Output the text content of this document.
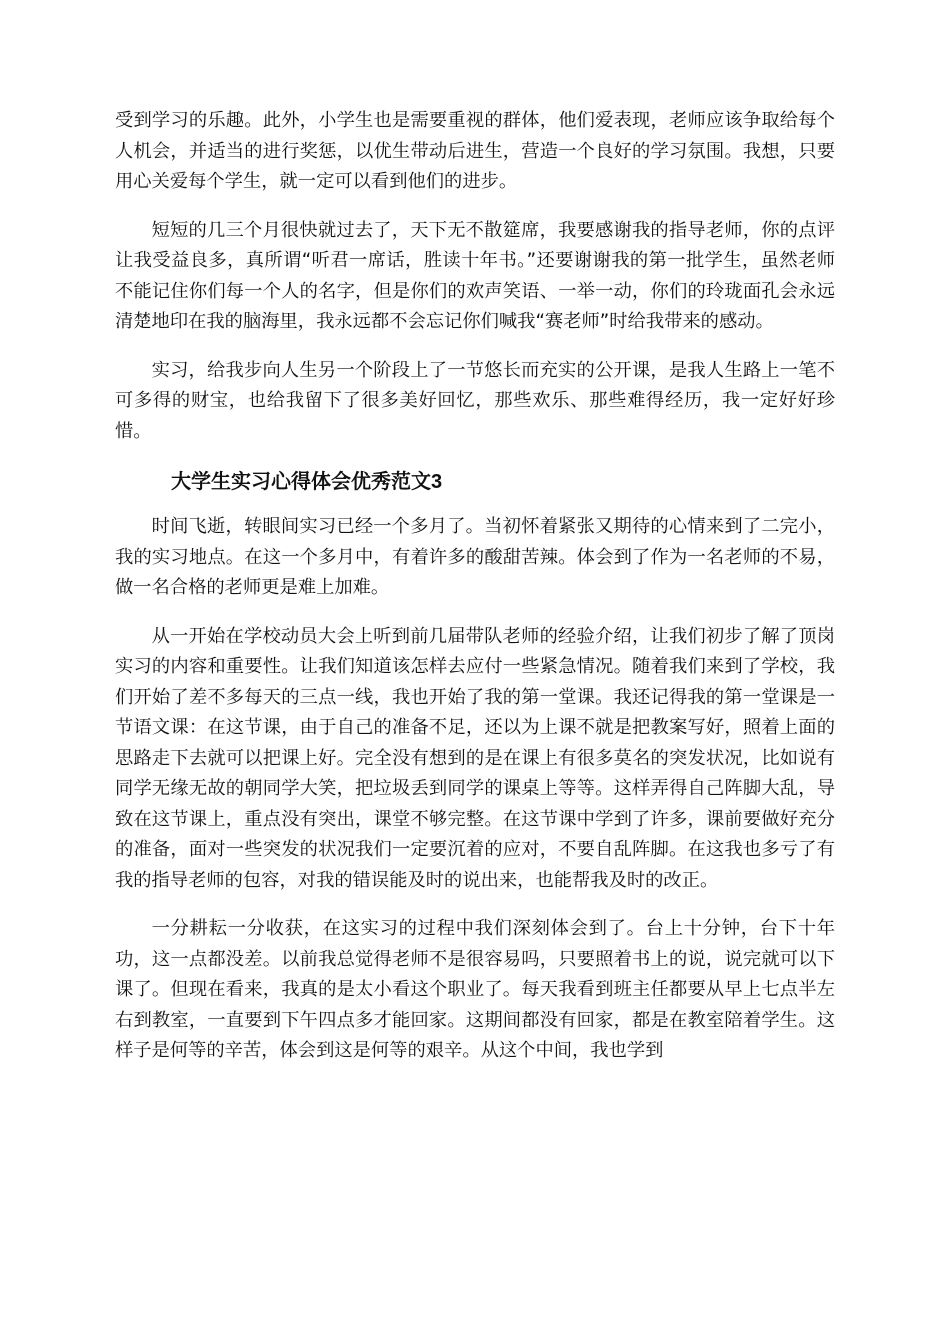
受到学习的乐趣。此外，小学生也是需要重视的群体，他们爱表现，老师应该争取给每个人机会，并适当的进行奖惩，以优生带动后进生，营造一个良好的学习氛围。我想，只要用心关爱每个学生，就一定可以看到他们的进步。

短短的几三个月很快就过去了，天下无不散筵席，我要感谢我的指导老师，你的点评让我受益良多，真所谓“听君一席话，胜读十年书。”还要谢谢我的第一批学生，虽然老师不能记住你们每一个人的名字，但是你们的欢声笑语、一举一动，你们的玲珑面孔会永远清楚地印在我的脑海里，我永远都不会忘记你们喊我“赛老师”时给我带来的感动。

实习，给我步向人生另一个阶段上了一节悠长而充实的公开课，是我人生路上一笔不可多得的财宝，也给我留下了很多美好回忆，那些欢乐、那些难得经历，我一定好好珍惜。

大学生实习心得体会优秀范文3

时间飞逝，转眼间实习已经一个多月了。当初怀着紧张又期待的心情来到了二完小，我的实习地点。在这一个多月中，有着许多的酸甜苦辣。体会到了作为一名老师的不易，做一名合格的老师更是难上加难。

从一开始在学校动员大会上听到前几届带队老师的经验介绍，让我们初步了解了顶岗实习的内容和重要性。让我们知道该怎样去应付一些紧急情况。随着我们来到了学校，我们开始了差不多每天的三点一线，我也开始了我的第一堂课。我还记得我的第一堂课是一节语文课：在这节课，由于自己的准备不足，还以为上课不就是把教案写好，照着上面的思路走下去就可以把课上好。完全没有想到的是在课上有很多莫名的突发状况，比如说有同学无缘无故的朝同学大笑，把垃圾丢到同学的课桌上等等。这样弄得自己阵脚大乱，导致在这节课上，重点没有突出，课堂不够完整。在这节课中学到了许多，课前要做好充分的准备，面对一些突发的状况我们一定要沉着的应对，不要自乱阵脚。在这我也多亏了有我的指导老师的包容，对我的错误能及时的说出来，也能帮我及时的改正。

一分耕耘一分收获，在这实习的过程中我们深刻体会到了。台上十分钟，台下十年功，这一点都没差。以前我总觉得老师不是很容易吗，只要照着书上的说，说完就可以下课了。但现在看来，我真的是太小看这个职业了。每天我看到班主任都要从早上七点半左右到教室，一直要到下午四点多才能回家。这期间都没有回家，都是在教室陪着学生。这样子是何等的辛苦，体会到这是何等的艰辛。从这个中间，我也学到
